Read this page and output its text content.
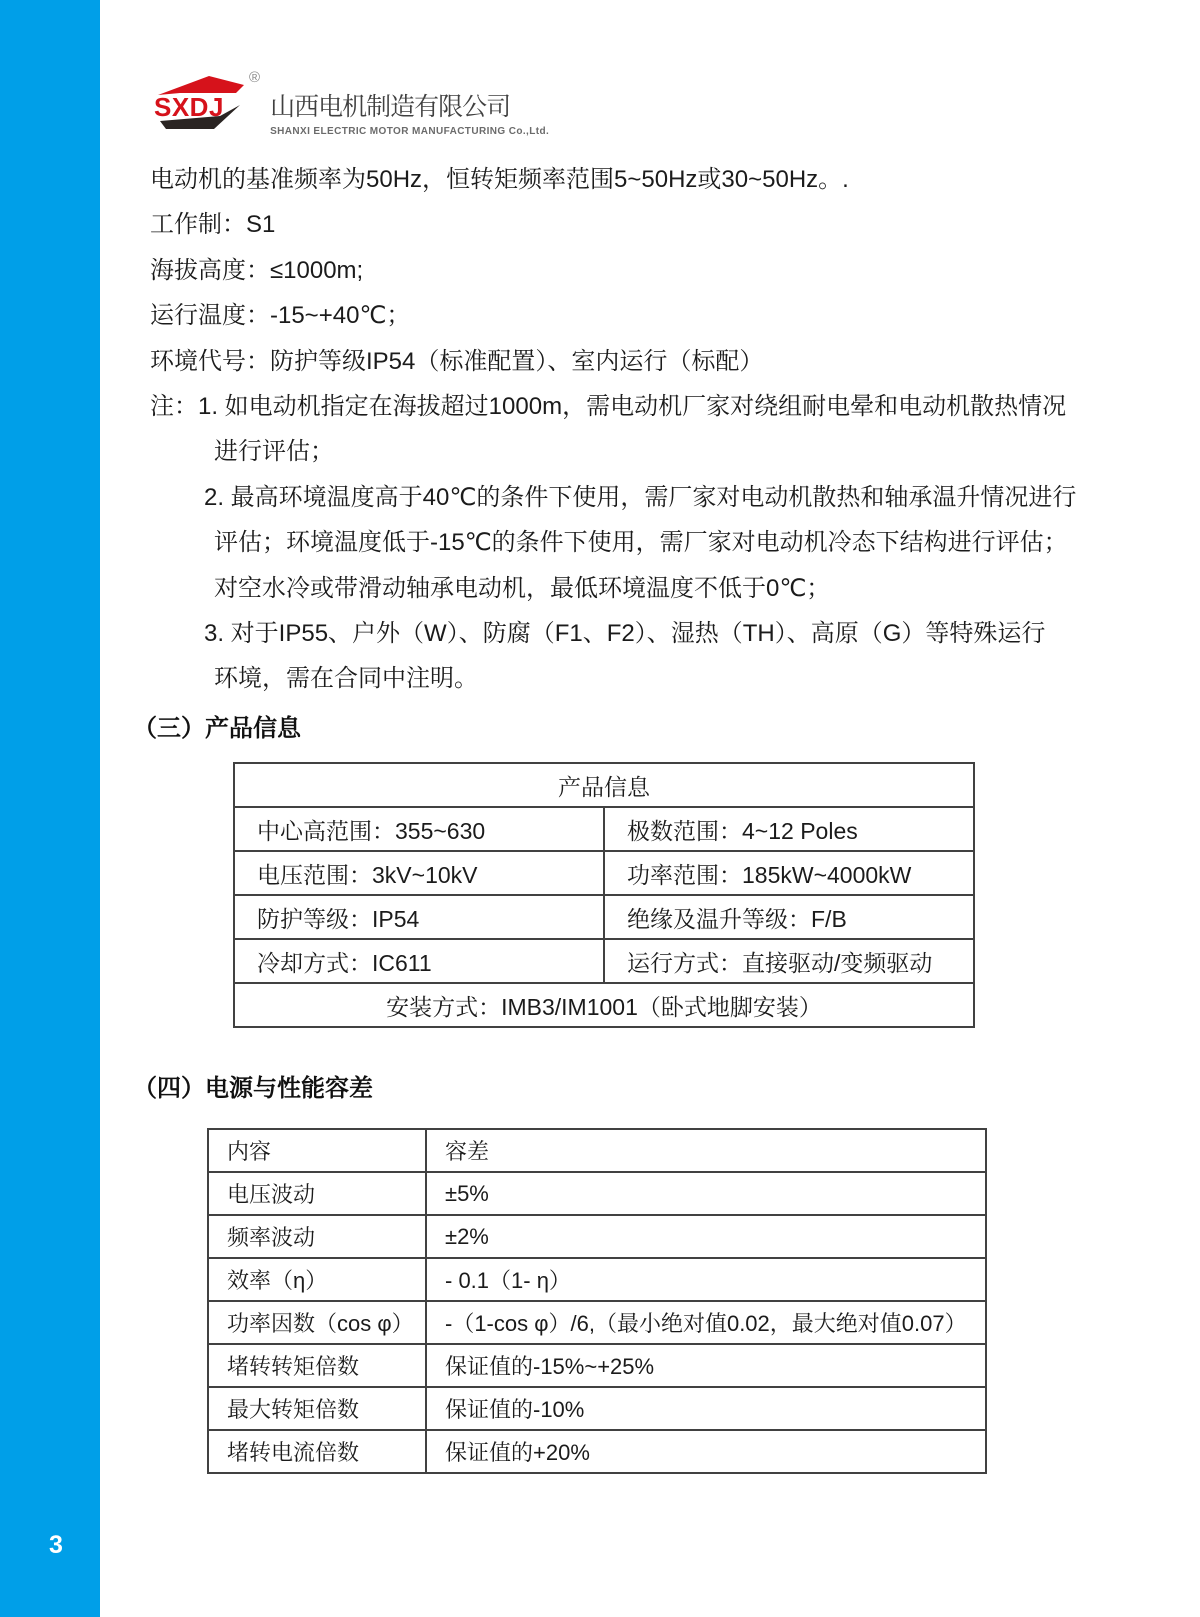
3
SXDJ
®
山西电机制造有限公司
SHANXI ELECTRIC MOTOR MANUFACTURING Co.,Ltd.

电动机的基准频率为50Hz，恒转矩频率范围5~50Hz或30~50Hz。.

工作制：S1

海拔高度：≤1000m;

运行温度：-15~+40℃；

环境代号：防护等级IP54（标准配置）、室内运行（标配）

注：1. 如电动机指定在海拔超过1000m，需电动机厂家对绕组耐电晕和电动机散热情况

进行评估；

2. 最高环境温度高于40℃的条件下使用，需厂家对电动机散热和轴承温升情况进行

评估；环境温度低于-15℃的条件下使用，需厂家对电动机冷态下结构进行评估；

对空水冷或带滑动轴承电动机，最低环境温度不低于0℃；

3. 对于IP55、户外（W）、防腐（F1、F2）、湿热（TH）、高原（G）等特殊运行

环境，需在合同中注明。

（三）产品信息
产品信息	
中心高范围：355~630	极数范围：4~12 Poles
电压范围：3kV~10kV	功率范围：185kW~4000kW
防护等级：IP54	绝缘及温升等级：F/B
冷却方式：IC611	运行方式：直接驱动/变频驱动
安装方式：IMB3/IM1001（卧式地脚安装）	
（四）电源与性能容差
内容	容差
电压波动	±5%
频率波动	±2%
效率（η）	- 0.1（1- η）
功率因数（cos φ）	-（1-cos φ）/6,（最小绝对值0.02，最大绝对值0.07）
堵转转矩倍数	保证值的-15%~+25%
最大转矩倍数	保证值的-10%
堵转电流倍数	保证值的+20%
